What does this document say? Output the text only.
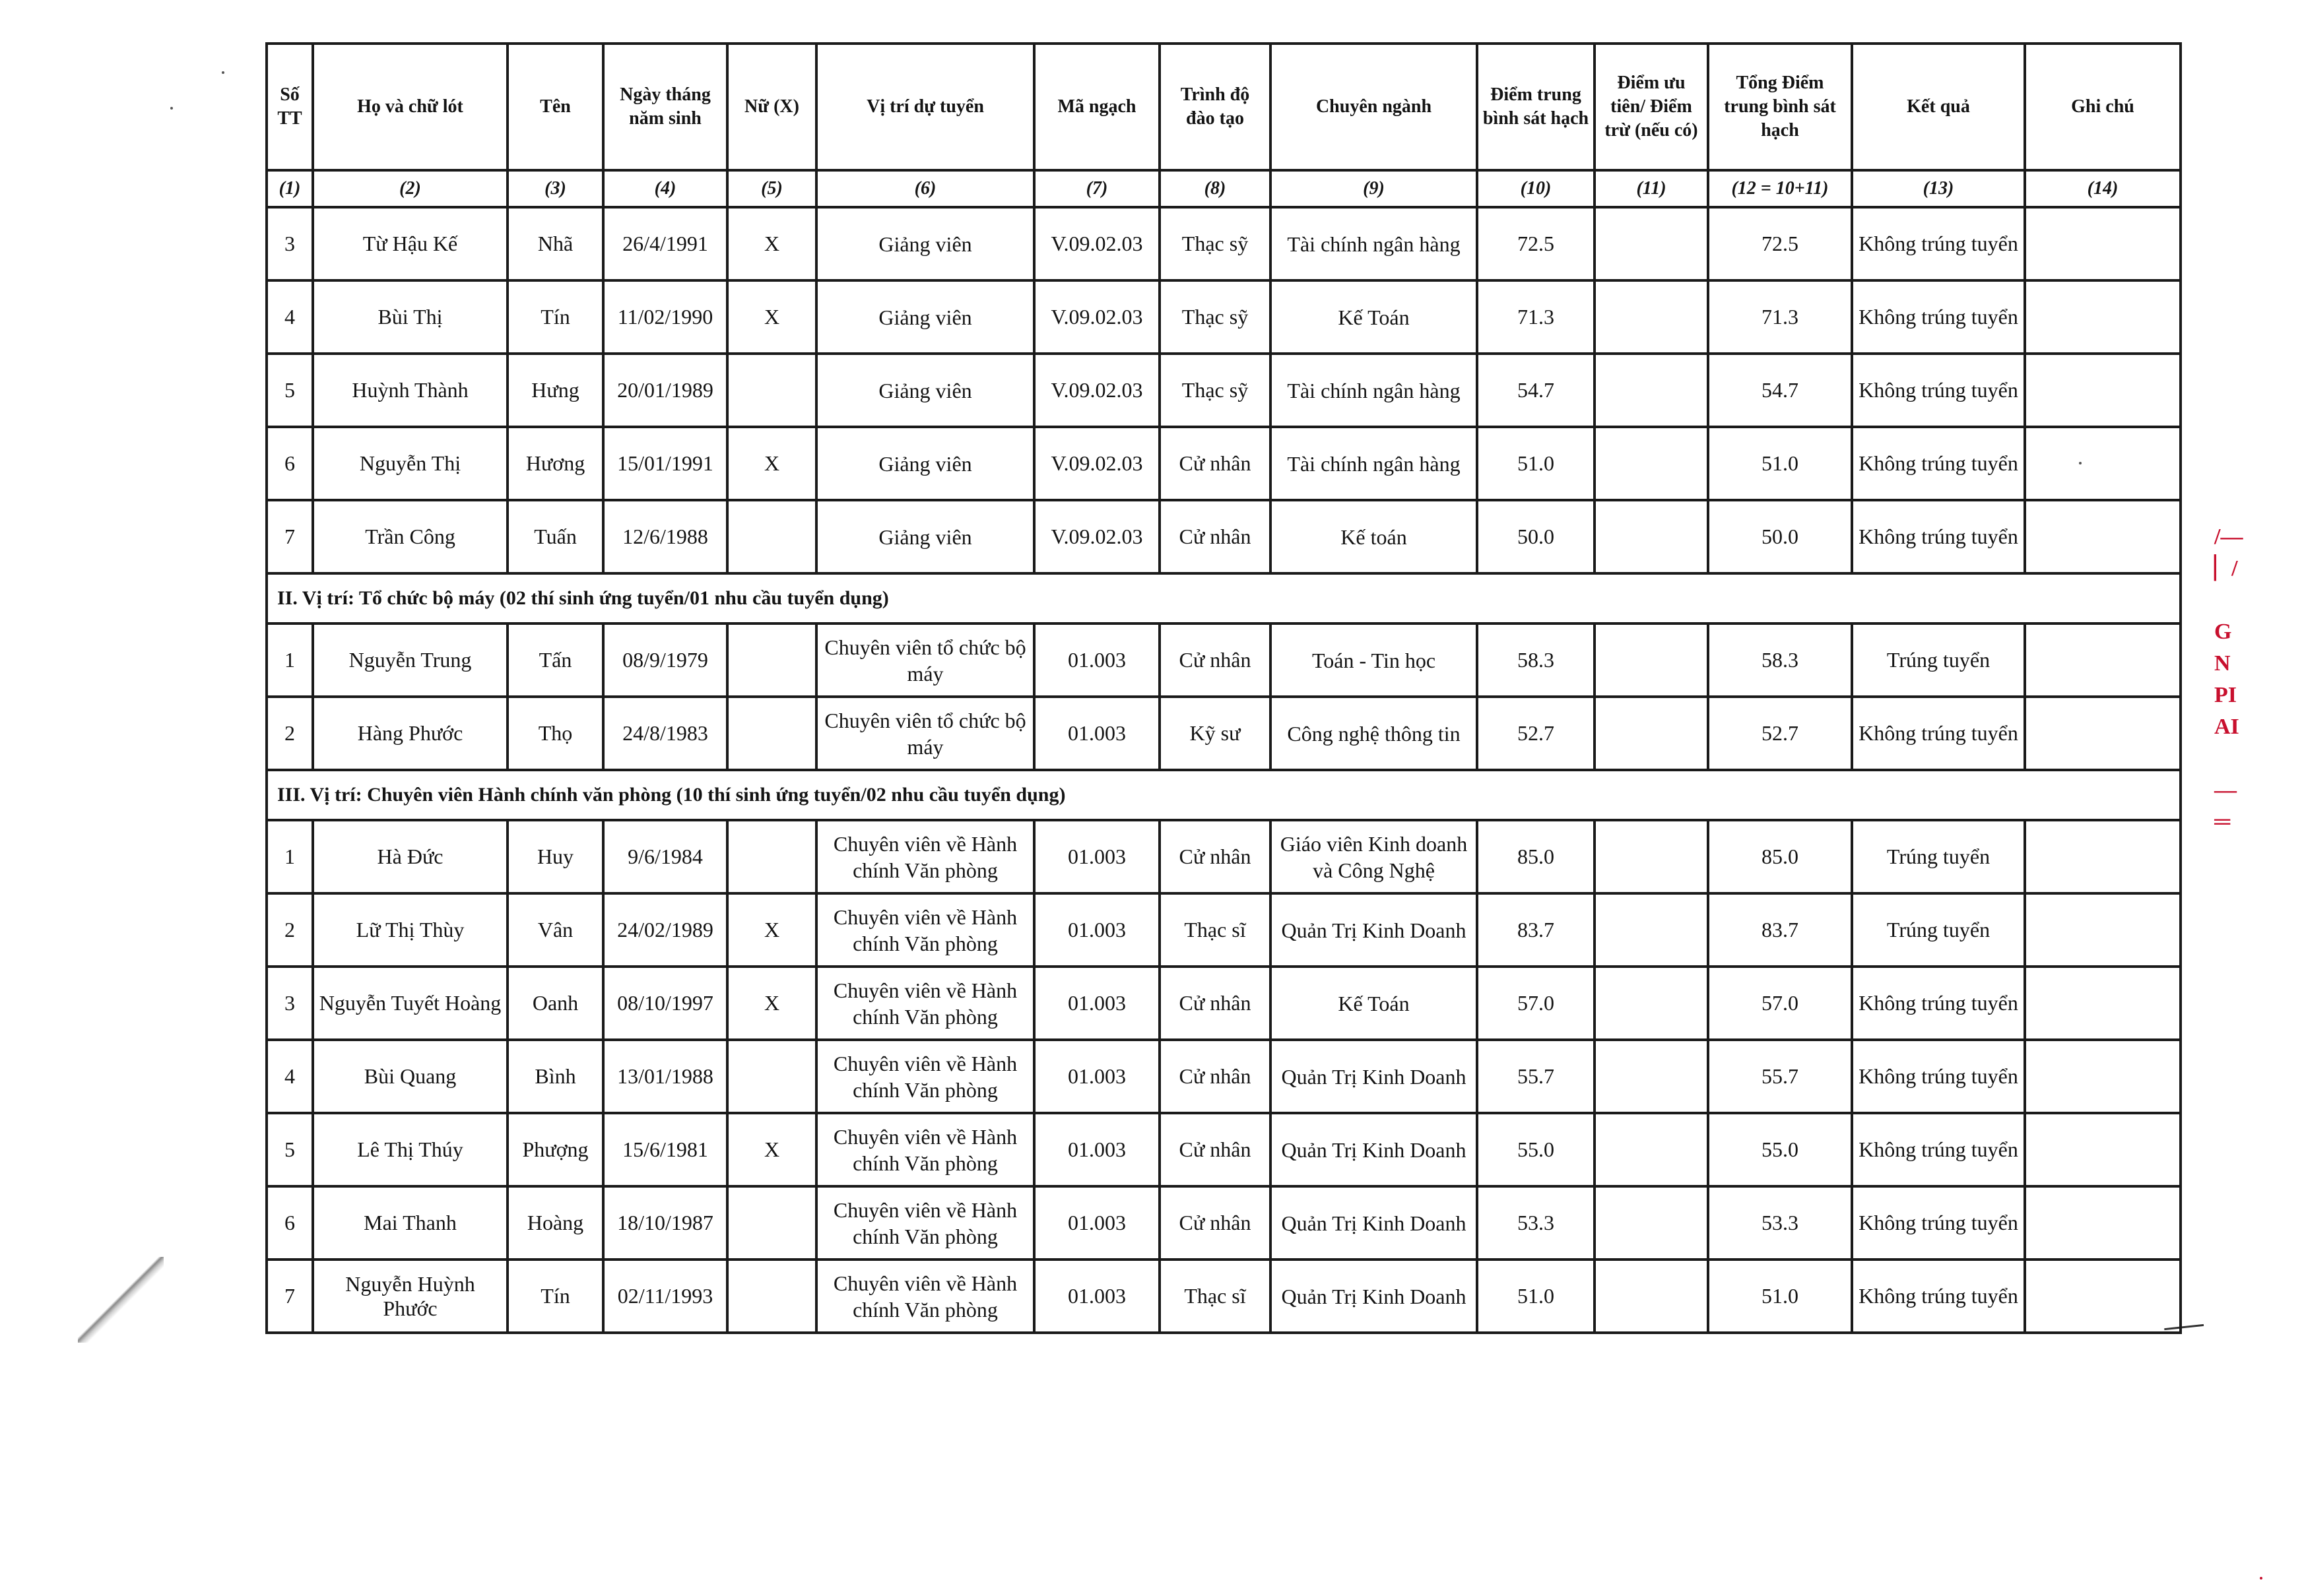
/—
▏/

G
N
PI
AI

—
═
Số TT	Họ và chữ lót	Tên	Ngày tháng năm sinh	Nữ (X)	Vị trí dự tuyển	Mã ngạch	Trình độ đào tạo	Chuyên ngành	Điểm trung bình sát hạch	Điểm ưu tiên/ Điểm trừ (nếu có)	Tổng Điểm trung bình sát hạch	Kết quả	Ghi chú
(1)	(2)	(3)	(4)	(5)	(6)	(7)	(8)	(9)	(10)	(11)	(12 = 10+11)	(13)	(14)
3	Từ Hậu Kế	Nhã	26/4/1991	X	Giảng viên	V.09.02.03	Thạc sỹ	Tài chính ngân hàng	72.5		72.5	Không trúng tuyển	
4	Bùi Thị	Tín	11/02/1990	X	Giảng viên	V.09.02.03	Thạc sỹ	Kế Toán	71.3		71.3	Không trúng tuyển	
5	Huỳnh Thành	Hưng	20/01/1989		Giảng viên	V.09.02.03	Thạc sỹ	Tài chính ngân hàng	54.7		54.7	Không trúng tuyển	
6	Nguyễn Thị	Hương	15/01/1991	X	Giảng viên	V.09.02.03	Cử nhân	Tài chính ngân hàng	51.0		51.0	Không trúng tuyển	
7	Trần Công	Tuấn	12/6/1988		Giảng viên	V.09.02.03	Cử nhân	Kế toán	50.0		50.0	Không trúng tuyển	
II. Vị trí: Tổ chức bộ máy (02 thí sinh ứng tuyển/01 nhu cầu tuyển dụng)													
1	Nguyễn Trung	Tấn	08/9/1979		Chuyên viên tổ chức bộ máy	01.003	Cử nhân	Toán - Tin học	58.3		58.3	Trúng tuyển	
2	Hàng Phước	Thọ	24/8/1983		Chuyên viên tổ chức bộ máy	01.003	Kỹ sư	Công nghệ thông tin	52.7		52.7	Không trúng tuyển	
III. Vị trí: Chuyên viên Hành chính văn phòng (10 thí sinh ứng tuyển/02 nhu cầu tuyển dụng)													
1	Hà Đức	Huy	9/6/1984		Chuyên viên về Hành chính Văn phòng	01.003	Cử nhân	Giáo viên Kinh doanh và Công Nghệ	85.0		85.0	Trúng tuyển	
2	Lữ Thị Thùy	Vân	24/02/1989	X	Chuyên viên về Hành chính Văn phòng	01.003	Thạc sĩ	Quản Trị Kinh Doanh	83.7		83.7	Trúng tuyển	
3	Nguyễn Tuyết Hoàng	Oanh	08/10/1997	X	Chuyên viên về Hành chính Văn phòng	01.003	Cử nhân	Kế Toán	57.0		57.0	Không trúng tuyển	
4	Bùi Quang	Bình	13/01/1988		Chuyên viên về Hành chính Văn phòng	01.003	Cử nhân	Quản Trị Kinh Doanh	55.7		55.7	Không trúng tuyển	
5	Lê Thị Thúy	Phượng	15/6/1981	X	Chuyên viên về Hành chính Văn phòng	01.003	Cử nhân	Quản Trị Kinh Doanh	55.0		55.0	Không trúng tuyển	
6	Mai Thanh	Hoàng	18/10/1987		Chuyên viên về Hành chính Văn phòng	01.003	Cử nhân	Quản Trị Kinh Doanh	53.3		53.3	Không trúng tuyển	
7	Nguyễn Huỳnh Phước	Tín	02/11/1993		Chuyên viên về Hành chính Văn phòng	01.003	Thạc sĩ	Quản Trị Kinh Doanh	51.0		51.0	Không trúng tuyển	
